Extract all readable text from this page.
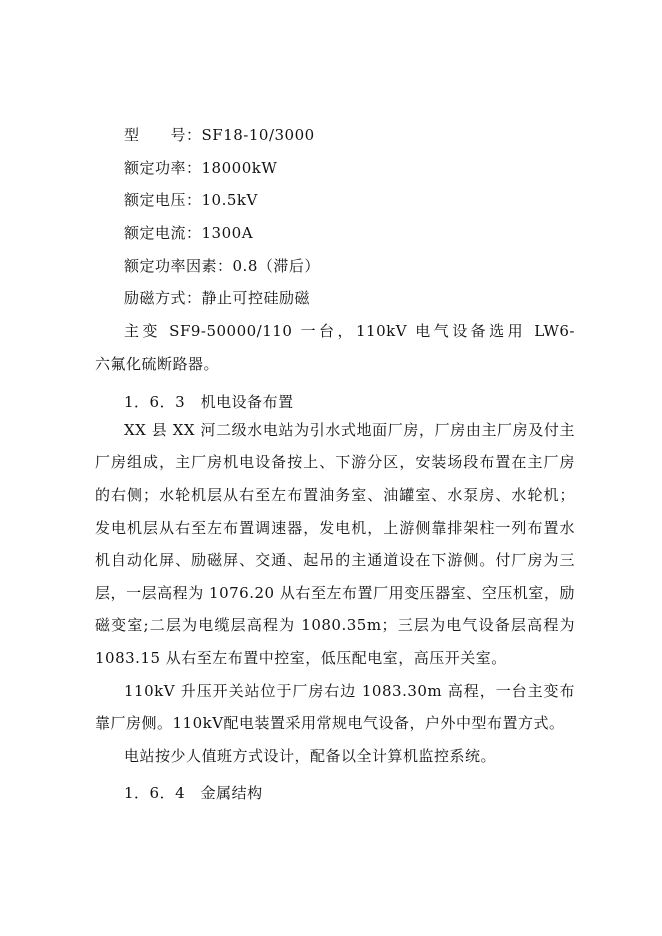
型　　号：SF18-10/3000
额定功率：18000kW
额定电压：10.5kV
额定电流：1300A
额定功率因素：0.8（滞后）
励磁方式：静止可控硅励磁
主变 SF9-50000/110 一台，110kV 电气设备选用 LW6-
六氟化硫断路器。
1．6．3　机电设备布置
XX 县 XX 河二级水电站为引水式地面厂房，厂房由主厂房及付主
厂房组成，主厂房机电设备按上、下游分区，安装场段布置在主厂房
的右侧；水轮机层从右至左布置油务室、油罐室、水泵房、水轮机；
发电机层从右至左布置调速器，发电机，上游侧靠排架柱一列布置水
机自动化屏、励磁屏、交通、起吊的主通道设在下游侧。付厂房为三
层，一层高程为 1076.20 从右至左布置厂用变压器室、空压机室，励
磁变室;二层为电缆层高程为 1080.35m；三层为电气设备层高程为
1083.15 从右至左布置中控室，低压配电室，高压开关室。
110kV 升压开关站位于厂房右边 1083.30m 高程，一台主变布
靠厂房侧。110kV配电装置采用常规电气设备，户外中型布置方式。
电站按少人值班方式设计，配备以全计算机监控系统。
1．6．4　金属结构
